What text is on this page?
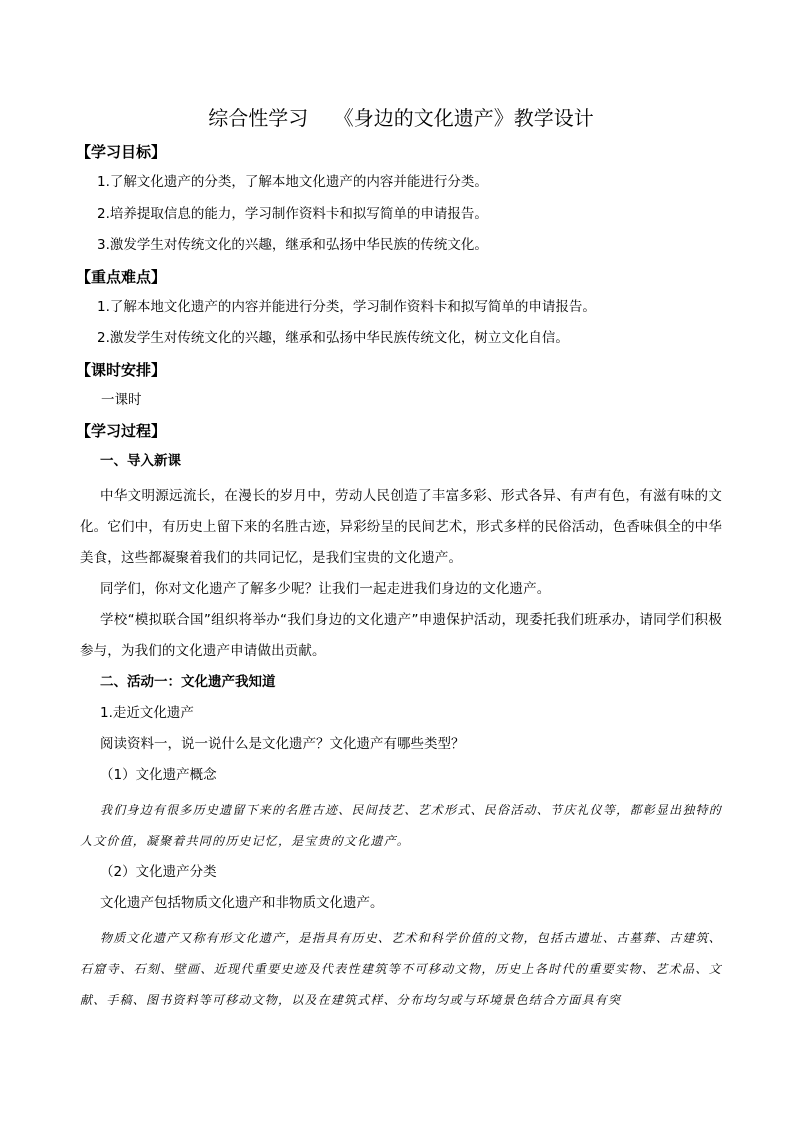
综合性学习    《身边的文化遗产》教学设计
【学习目标】
1.了解文化遗产的分类，了解本地文化遗产的内容并能进行分类。
2.培养提取信息的能力，学习制作资料卡和拟写简单的申请报告。
3.激发学生对传统文化的兴趣，继承和弘扬中华民族的传统文化。
【重点难点】
1.了解本地文化遗产的内容并能进行分类，学习制作资料卡和拟写简单的申请报告。
2.激发学生对传统文化的兴趣，继承和弘扬中华民族传统文化，树立文化自信。
【课时安排】
一课时
【学习过程】
一、导入新课

中华文明源远流长，在漫长的岁月中，劳动人民创造了丰富多彩、形式各异、有声有色，有滋有味的文化。它们中，有历史上留下来的名胜古迹，异彩纷呈的民间艺术，形式多样的民俗活动，色香味俱全的中华美食，这些都凝聚着我们的共同记忆，是我们宝贵的文化遗产。

同学们，你对文化遗产了解多少呢？让我们一起走进我们身边的文化遗产。

学校“模拟联合国”组织将举办“我们身边的文化遗产”申遗保护活动，现委托我们班承办，请同学们积极参与，为我们的文化遗产申请做出贡献。

二、活动一：文化遗产我知道
1.走近文化遗产
阅读资料一，说一说什么是文化遗产？文化遗产有哪些类型？
（1）文化遗产概念

我们身边有很多历史遗留下来的名胜古迹、民间技艺、艺术形式、民俗活动、节庆礼仪等，都彰显出独特的人文价值，凝聚着共同的历史记忆，是宝贵的文化遗产。

（2）文化遗产分类
文化遗产包括物质文化遗产和非物质文化遗产。

物质文化遗产又称有形文化遗产，是指具有历史、艺术和科学价值的文物，包括古遗址、古墓葬、古建筑、石窟寺、石刻、壁画、近现代重要史迹及代表性建筑等不可移动文物，历史上各时代的重要实物、艺术品、文献、手稿、图书资料等可移动文物，以及在建筑式样、分布均匀或与环境景色结合方面具有突
